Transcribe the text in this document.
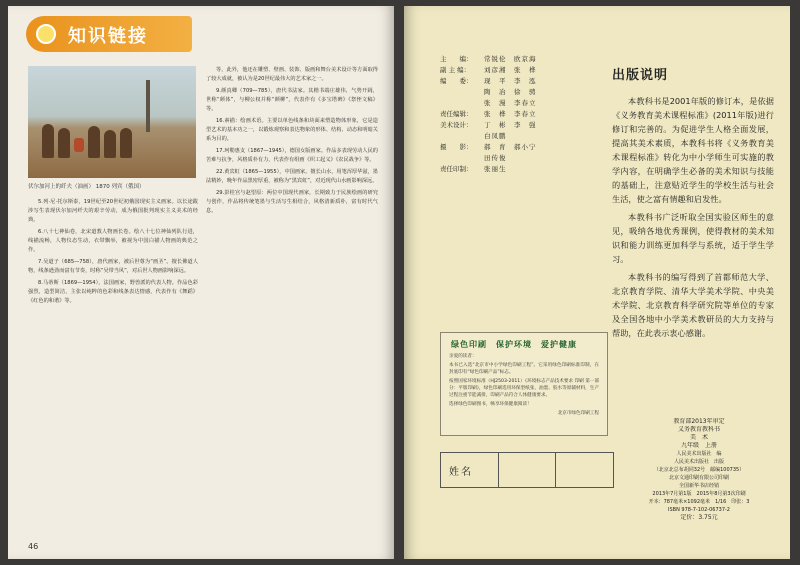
知识链接
伏尔加河上的纤夫（油画） 1870 列宾（俄国）

5.列·尼·托尔斯泰，19世纪至20世纪初俄国现实主义画家。以长途跋涉写生表现伏尔加河纤夫的艰辛劳动，成为俄国批判现实主义美术的经典。

6.八十七神仙卷，北宋道教人物画长卷。绘八十七位神仙列队行进，线描流畅，人物仪态生动，衣带飘举，被视为中国白描人物画的典范之作。

7.吴道子（685—758），唐代画家，被后世尊为“画圣”。擅长佛道人物，线条遒劲而富有节奏，时称“吴带当风”，对后世人物画影响深远。

8.马蒂斯（1869—1954），法国画家，野兽派的代表人物。作品色彩强烈，造型简洁，主张以纯粹的色彩和线条表达情感，代表作有《舞蹈》《红色的和谐》等。

等，此外，他还在雕塑、壁画、装饰、版画和舞台美术设计等方面取得了较大成就，被认为是20世纪最伟大的艺术家之一。

9.颜真卿（709—785），唐代书法家。其楷书端庄雄伟，气势开阔，世称“颜体”，与柳公权并称“颜柳”，代表作有《多宝塔碑》《祭侄文稿》等。

16.素描：绘画术语。主要以单色线条和块面来塑造物体形象，它是造型艺术的基本功之一，以锻炼观察和表达物象的形体、结构、动态和明暗关系为目的。

17.珂勒惠支（1867—1945），德国女版画家。作品多表现劳动人民的苦难与抗争，风格质朴有力，代表作有组画《织工起义》《农民战争》等。

22.黄宾虹（1865—1955），中国画家。擅长山水，用笔浑厚华滋，墨法精妙，晚年作品黑密厚重，被称为“黑宾虹”，对近现代山水画影响深远。

29.彭桂宫与赵望原：两位中国现代画家，长期致力于民族绘画的研究与创作，作品将传统笔墨与生活写生相结合，风格清新质朴，富有时代气息。

46
主　　编：	常锐伦　欧京海
副 主 编：	刘彦湘　张　桦
编　　委：	现　平　李　泓
陶　冶　徐　骋
张　漫　李春立
责任编辑：	张　桦　李春立
美术设计：	丁　彬　李　强
白凤鹏
摄　　影：	郝　育　郝小宁
田传俊
责任印制：	张丽生
绿色印刷　保护环境　爱护健康

亲爱的读者：

本书已入选“北京市中小学绿色印刷工程”。它采用绿色印刷标准印制，在封底印有“绿色印刷产品”标志。

按照国家环境标准（HJ2503-2011）《环境标志产品技术要求 印刷 第一部分：平版印刷》，绿色印刷选用环保型纸张、油墨、胶水等原辅材料，生产过程注重节能减排，印刷产品符合人体健康要求。

选择绿色印刷图书，畅享环保健康阅读！

北京市绿色印刷工程

姓名
出版说明

本教科书是2001年版的修订本，是依据《义务教育美术课程标准》(2011年版)进行修订和完善的。为促进学生人格全面发展，提高其美术素质，本教科书将《义务教育美术课程标准》转化为中小学师生可实施的教学内容，在明确学生必备的美术知识与技能的基础上，注意贴近学生的学校生活与社会生活，使之富有情趣和启发性。

本教科书广泛听取全国实验区师生的意见，吸纳各地优秀课例，使得教材的美术知识和能力训练更加科学与系统，适于学生学习。

本教科书的编写得到了首都师范大学、北京教育学院、清华大学美术学院、中央美术学院、北京教育科学研究院等单位的专家及全国各地中小学美术教研员的大力支持与帮助，在此表示衷心感谢。

教育部2013年审定
义务教育教科书
美　术
九年级　上册
人民美术出版社　编
人民美术出版社　出版
（北京北总布胡同32号　邮编100735）
北京文通印刷有限公司印刷
全国新华书店经销
2013年7月第1版　2015年8月第3次印刷
开本：787毫米×1092毫米　1/16　印张：3
ISBN 978-7-102-06737-2
定价：3.75元
